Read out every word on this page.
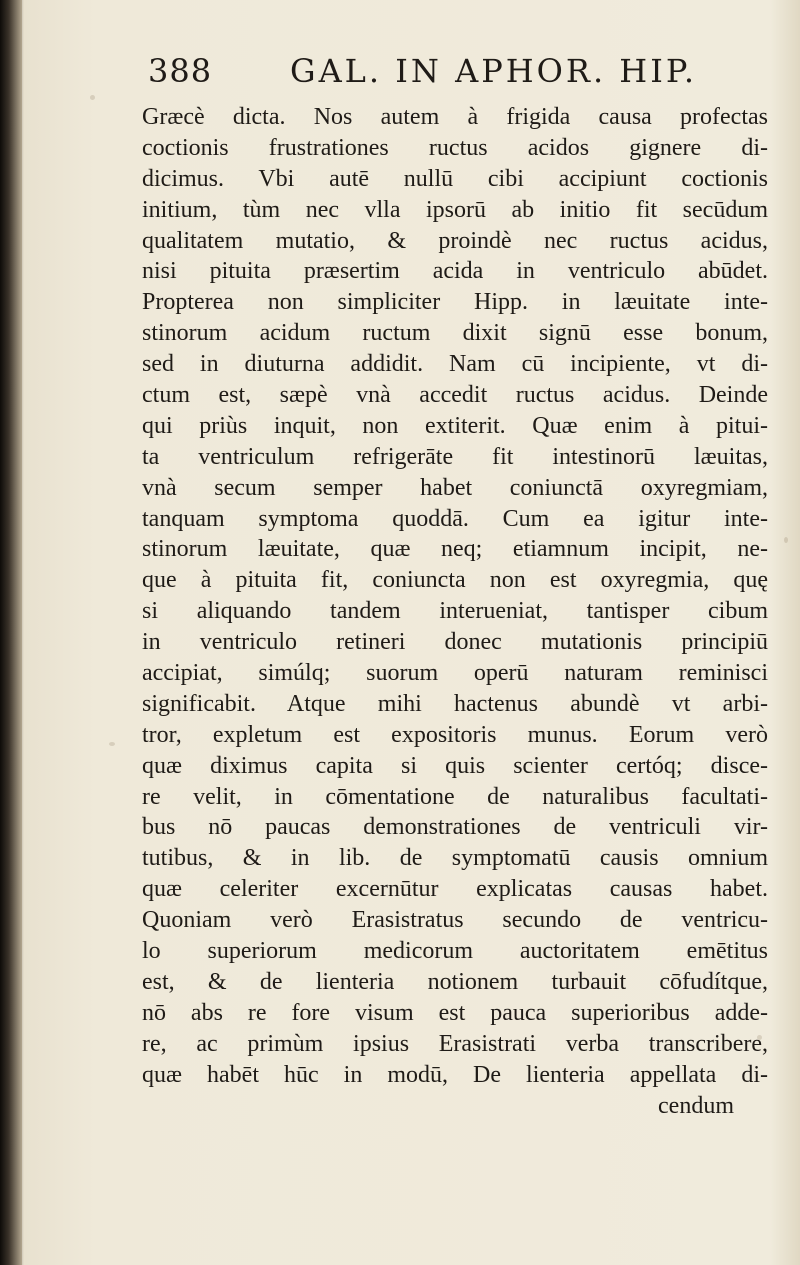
388	GAL. IN APHOR. HIP.
Græcè dicta. Nos autem à frigida causa profectas
coctionis frustrationes ructus acidos gignere di-
dicimus. Vbi autē nullū cibi accipiunt coctionis
initium, tùm nec vlla ipsorū ab initio fit secūdum
qualitatem mutatio, & proindè nec ructus acidus,
nisi pituita præsertim acida in ventriculo abūdet.
Propterea non simpliciter Hipp. in læuitate inte-
stinorum acidum ructum dixit signū esse bonum,
sed in diuturna addidit. Nam cū incipiente, vt di-
ctum est, sæpè vnà accedit ructus acidus. Deinde
qui priùs inquit, non extiterit. Quæ enim à pitui-
ta ventriculum refrigerāte fit intestinorū læuitas,
vnà secum semper habet coniunctā oxyregmiam,
tanquam symptoma quoddā. Cum ea igitur inte-
stinorum læuitate, quæ neq; etiamnum incipit, ne-
que à pituita fit, coniuncta non est oxyregmia, quę
si aliquando tandem interueniat, tantisper cibum
in ventriculo retineri donec mutationis principiū
accipiat, simúlq; suorum operū naturam reminisci
significabit. Atque mihi hactenus abundè vt arbi-
tror, expletum est expositoris munus. Eorum verò
quæ diximus capita si quis scienter certóq; disce-
re velit, in cōmentatione de naturalibus facultati-
bus nō paucas demonstrationes de ventriculi vir-
tutibus, & in lib. de symptomatū causis omnium
quæ celeriter excernūtur explicatas causas habet.
Quoniam verò Erasistratus secundo de ventricu-
lo superiorum medicorum auctoritatem emētitus
est, & de lienteria notionem turbauit cōfudítque,
nō abs re fore visum est pauca superioribus adde-
re, ac primùm ipsius Erasistrati verba transcribere,
quæ habēt hūc in modū, De lienteria appellata di-
cendum
